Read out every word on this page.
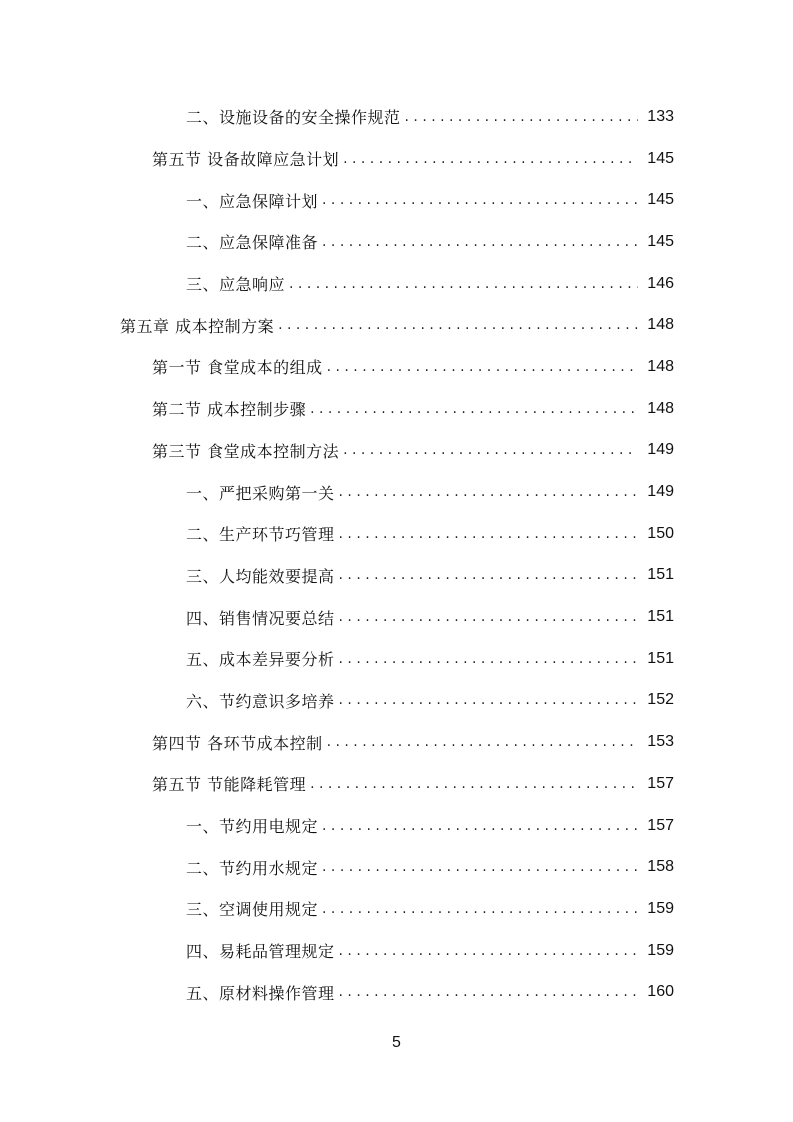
二、设施设备的安全操作规范 . . .	133
第五节 设备故障应急计划 . . .	145
一、应急保障计划 . . .	145
二、应急保障准备 . . .	145
三、应急响应 . . .	146
第五章 成本控制方案 . . .	148
第一节 食堂成本的组成 . . .	148
第二节 成本控制步骤 . . .	148
第三节 食堂成本控制方法 . . .	149
一、严把采购第一关 . . .	149
二、生产环节巧管理 . . .	150
三、人均能效要提高 . . .	151
四、销售情况要总结 . . .	151
五、成本差异要分析 . . .	151
六、节约意识多培养 . . .	152
第四节 各环节成本控制 . . .	153
第五节 节能降耗管理 . . .	157
一、节约用电规定 . . .	157
二、节约用水规定 . . .	158
三、空调使用规定 . . .	159
四、易耗品管理规定 . . .	159
五、原材料操作管理 . . .	160
5
